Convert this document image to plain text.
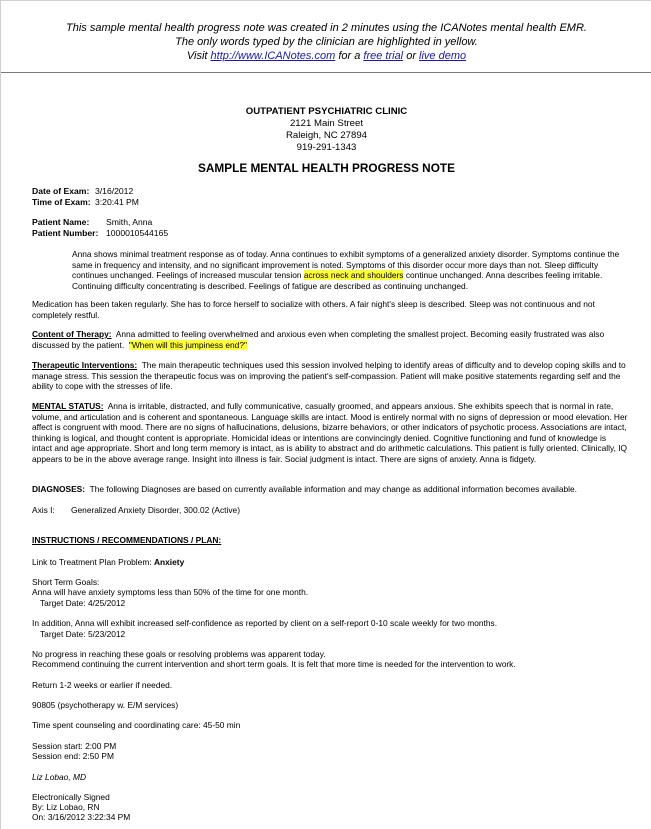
This sample mental health progress note was created in 2 minutes using the ICANotes mental health EMR.

The only words typed by the clinician are highlighted in yellow.

Visit http://www.ICANotes.com for a free trial or live demo

OUTPATIENT PSYCHIATRIC CLINIC

2121 Main Street

Raleigh, NC 27894

919-291-1343

SAMPLE MENTAL HEALTH PROGRESS NOTE

Date of Exam: 3/16/2012
Time of Exam: 3:20:41 PM
Patient Name: Smith, Anna
Patient Number: 1000010544165

Anna shows minimal treatment response as of today. Anna continues to exhibit symptoms of a generalized anxiety disorder. Symptoms continue the same in frequency and intensity, and no significant improvement is noted. Symptoms of this disorder occur more days than not. Sleep difficulty continues unchanged. Feelings of increased muscular tension across neck and shoulders continue unchanged. Anna describes feeling irritable. Continuing difficulty concentrating is described. Feelings of fatigue are described as continuing unchanged.

Medication has been taken regularly. She has to force herself to socialize with others. A fair night's sleep is described. Sleep was not continuous and not completely restful.

Content of Therapy: Anna admitted to feeling overwhelmed and anxious even when completing the smallest project. Becoming easily frustrated was also discussed by the patient. "When will this jumpiness end?"

Therapeutic Interventions: The main therapeutic techniques used this session involved helping to identify areas of difficulty and to develop coping skills and to manage stress. This session the therapeutic focus was on improving the patient's self-compassion. Patient will make positive statements regarding self and the ability to cope with the stresses of life.

MENTAL STATUS: Anna is irritable, distracted, and fully communicative, casually groomed, and appears anxious. She exhibits speech that is normal in rate, volume, and articulation and is coherent and spontaneous. Language skills are intact. Mood is entirely normal with no signs of depression or mood elevation. Her affect is congruent with mood. There are no signs of hallucinations, delusions, bizarre behaviors, or other indicators of psychotic process. Associations are intact, thinking is logical, and thought content is appropriate. Homicidal ideas or intentions are convincingly denied. Cognitive functioning and fund of knowledge is intact and age appropriate. Short and long term memory is intact, as is ability to abstract and do arithmetic calculations. This patient is fully oriented. Clinically, IQ appears to be in the above average range. Insight into illness is fair. Social judgment is intact. There are signs of anxiety. Anna is fidgety.

DIAGNOSES: The following Diagnoses are based on currently available information and may change as additional information becomes available.

Axis I: Generalized Anxiety Disorder, 300.02 (Active)

INSTRUCTIONS / RECOMMENDATIONS / PLAN:

Link to Treatment Plan Problem: Anxiety

Short Term Goals:

Anna will have anxiety symptoms less than 50% of the time for one month.

Target Date: 4/25/2012

In addition, Anna will exhibit increased self-confidence as reported by client on a self-report 0-10 scale weekly for two months.

Target Date: 5/23/2012

No progress in reaching these goals or resolving problems was apparent today.

Recommend continuing the current intervention and short term goals. It is felt that more time is needed for the intervention to work.

Return 1-2 weeks or earlier if needed.

90805 (psychotherapy w. E/M services)

Time spent counseling and coordinating care: 45-50 min

Session start: 2:00 PM

Session end: 2:50 PM

Liz Lobao, MD

Electronically Signed

By: Liz Lobao, RN

On: 3/16/2012 3:22:34 PM
